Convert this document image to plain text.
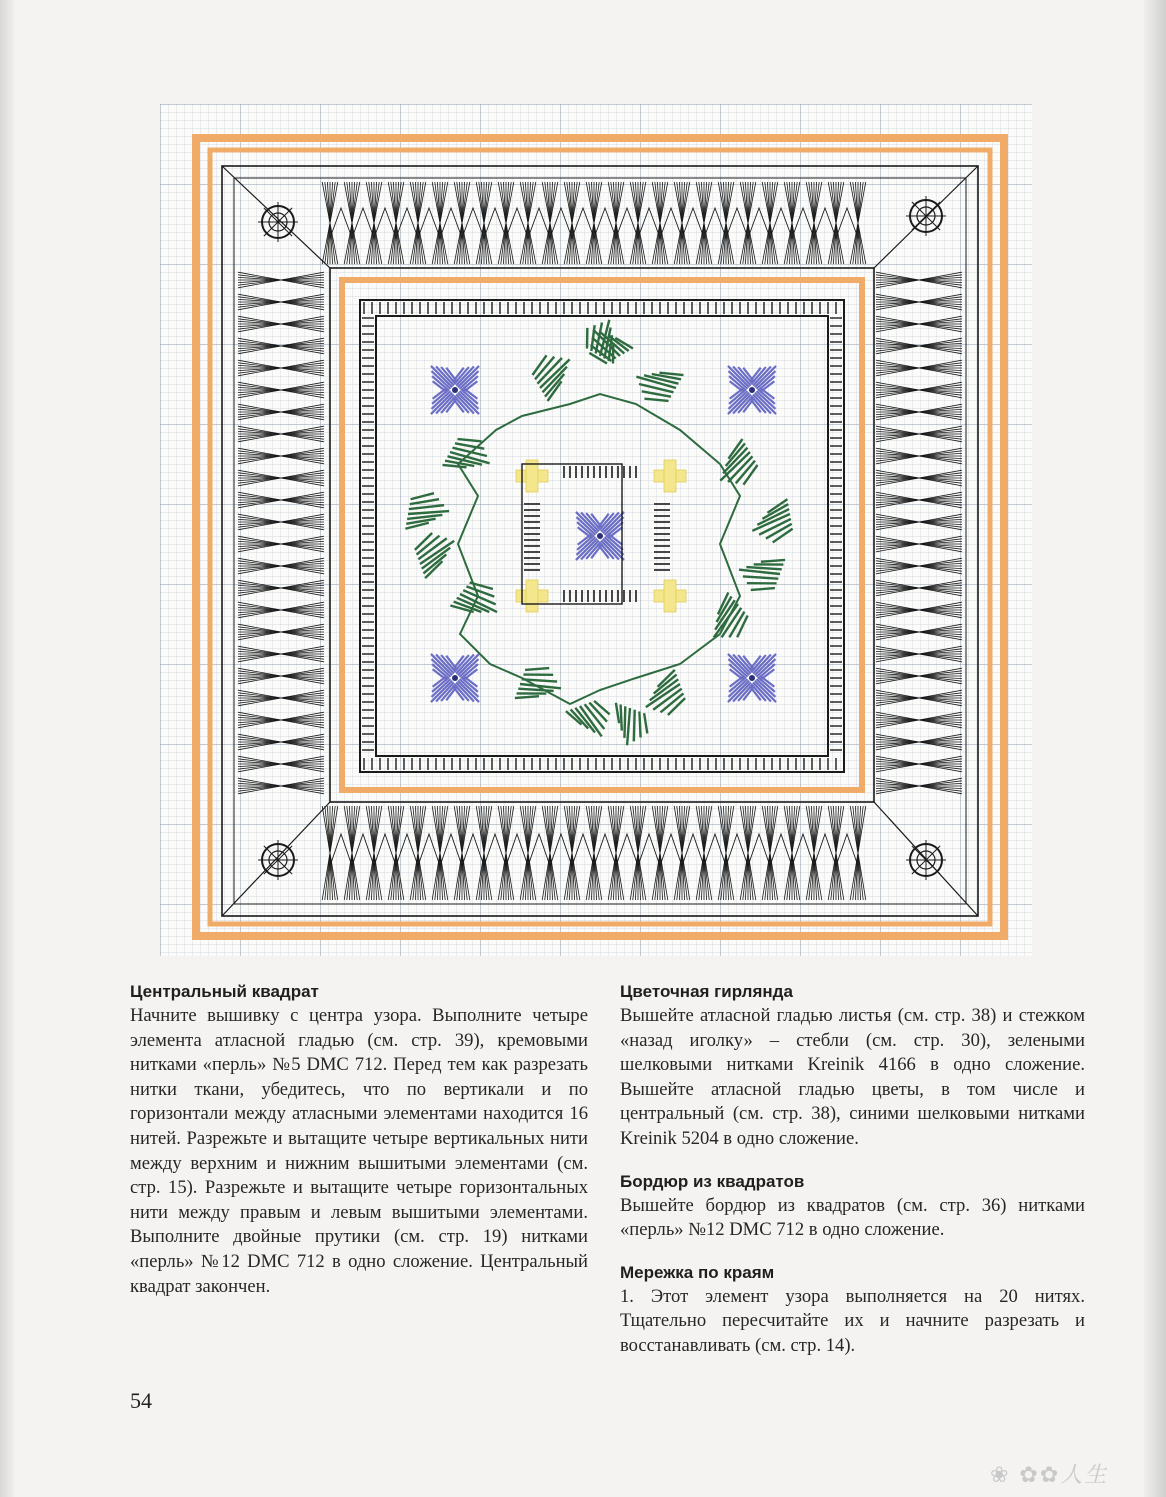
Центральный квадрат

Начните вышивку с центра узора. Выполните четыре элемента атласной гладью (см. стр. 39), кремовыми нитками «перль» №5 DMC 712. Перед тем как разрезать нитки ткани, убедитесь, что по вертикали и по горизонтали между атласными элементами находится 16 нитей. Разрежьте и вытащите четыре вертикальных нити между верхним и нижним вышитыми элементами (см. стр. 15). Разрежьте и вытащите четыре горизонтальных нити между правым и левым вышитыми элементами. Выполните двойные прутики (см. стр. 19) нитками «перль» №12 DMC 712 в одно сложение. Центральный квадрат закончен.

Цветочная гирлянда

Вышейте атласной гладью листья (см. стр. 38) и стежком «назад иголку» – стебли (см. стр. 30), зелеными шелковыми нитками Kreinik 4166 в одно сложение. Вышейте атласной гладью цветы, в том числе и центральный (см. стр. 38), синими шелковыми нитками Kreinik 5204 в одно сложение.

Бордюр из квадратов

Вышейте бордюр из квадратов (см. стр. 36) нитками «перль» №12 DMC 712 в одно сложение.

Мережка по краям

1. Этот элемент узора выполняется на 20 нитях. Тщательно пересчитайте их и начните разрезать и восстанавливать (см. стр. 14).

54
❀ ✿✿人生
